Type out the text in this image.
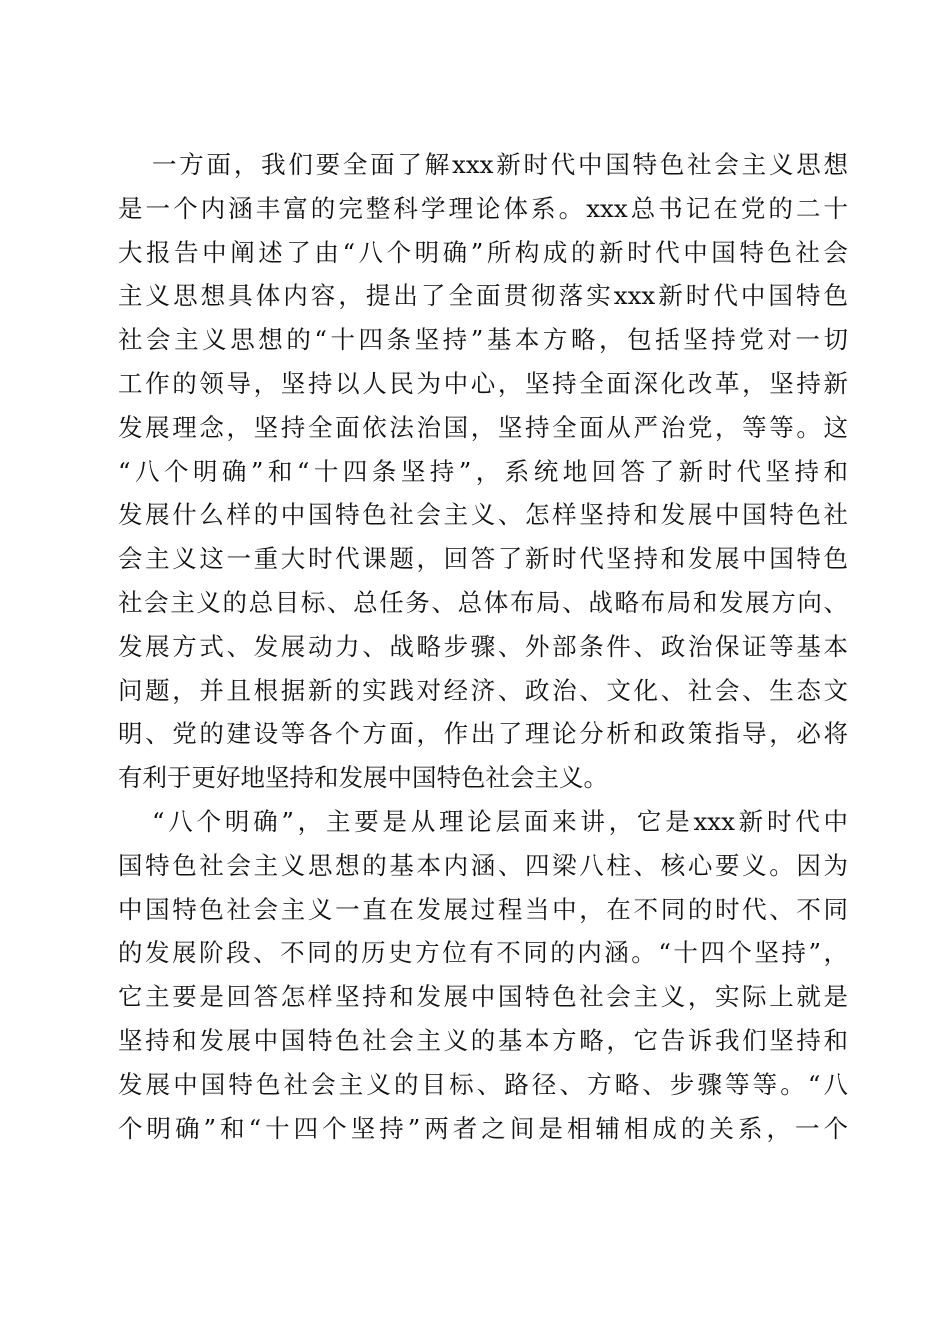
一方面，我们要全面了解xxx新时代中国特色社会主义思想
是一个内涵丰富的完整科学理论体系。xxx总书记在党的二十
大报告中阐述了由“八个明确”所构成的新时代中国特色社会
主义思想具体内容，提出了全面贯彻落实xxx新时代中国特色
社会主义思想的“十四条坚持”基本方略，包括坚持党对一切
工作的领导，坚持以人民为中心，坚持全面深化改革，坚持新
发展理念，坚持全面依法治国，坚持全面从严治党，等等。这
“八个明确”和“十四条坚持”，系统地回答了新时代坚持和
发展什么样的中国特色社会主义、怎样坚持和发展中国特色社
会主义这一重大时代课题，回答了新时代坚持和发展中国特色
社会主义的总目标、总任务、总体布局、战略布局和发展方向、
发展方式、发展动力、战略步骤、外部条件、政治保证等基本
问题，并且根据新的实践对经济、政治、文化、社会、生态文
明、党的建设等各个方面，作出了理论分析和政策指导，必将
有利于更好地坚持和发展中国特色社会主义。
“八个明确”，主要是从理论层面来讲，它是xxx新时代中
国特色社会主义思想的基本内涵、四梁八柱、核心要义。因为
中国特色社会主义一直在发展过程当中，在不同的时代、不同
的发展阶段、不同的历史方位有不同的内涵。“十四个坚持”，
它主要是回答怎样坚持和发展中国特色社会主义，实际上就是
坚持和发展中国特色社会主义的基本方略，它告诉我们坚持和
发展中国特色社会主义的目标、路径、方略、步骤等等。“八
个明确”和“十四个坚持”两者之间是相辅相成的关系，一个
